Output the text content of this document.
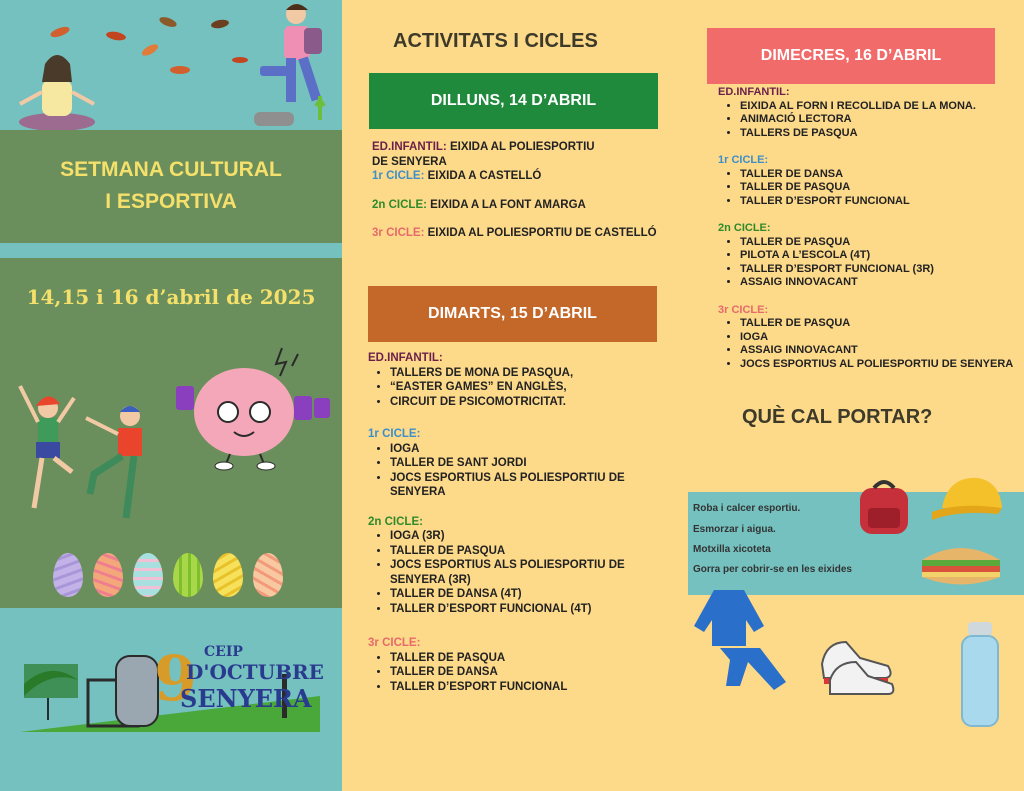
SETMANA CULTURAL
I ESPORTIVA
14,15 i 16 d’abril de 2025
9 CEIP
D'OCTUBRE
SENYERA
ACTIVITATS I CICLES
DILLUNS, 14 D’ABRIL
ED.INFANTIL: EIXIDA AL POLIESPORTIU
DE SENYERA
1r CICLE: EIXIDA A CASTELLÓ
2n CICLE: EIXIDA A LA FONT AMARGA
3r CICLE: EIXIDA AL POLIESPORTIU DE CASTELLÓ
DIMARTS, 15 D’ABRIL
ED.INFANTIL:
• TALLERS DE MONA DE PASQUA,
• “EASTER GAMES” EN ANGLÈS,
• CIRCUIT DE PSICOMOTRICITAT.
1r CICLE:
• IOGA
• TALLER DE SANT JORDI
• JOCS ESPORTIUS ALS POLIESPORTIU DE SENYERA
2n CICLE:
• IOGA (3R)
• TALLER DE PASQUA
• JOCS ESPORTIUS ALS POLIESPORTIU DE SENYERA (3R)
• TALLER DE DANSA (4T)
• TALLER D’ESPORT FUNCIONAL (4T)
3r CICLE:
• TALLER DE PASQUA
• TALLER DE DANSA
• TALLER D’ESPORT FUNCIONAL
DIMECRES, 16 D’ABRIL
ED.INFANTIL:
• EIXIDA AL FORN I RECOLLIDA DE LA MONA.
• ANIMACIÓ LECTORA
• TALLERS DE PASQUA
1r CICLE:
• TALLER DE DANSA
• TALLER DE PASQUA
• TALLER D’ESPORT FUNCIONAL
2n CICLE:
• TALLER DE PASQUA
• PILOTA A L’ESCOLA (4T)
• TALLER D’ESPORT FUNCIONAL (3R)
• ASSAIG INNOVACANT
3r CICLE:
• TALLER DE PASQUA
• IOGA
• ASSAIG INNOVACANT
• JOCS ESPORTIUS AL POLIESPORTIU DE SENYERA
QUÈ CAL PORTAR?
Roba i calcer esportiu.
Esmorzar i aigua.
Motxilla xicoteta
Gorra per cobrir-se en les eixides
